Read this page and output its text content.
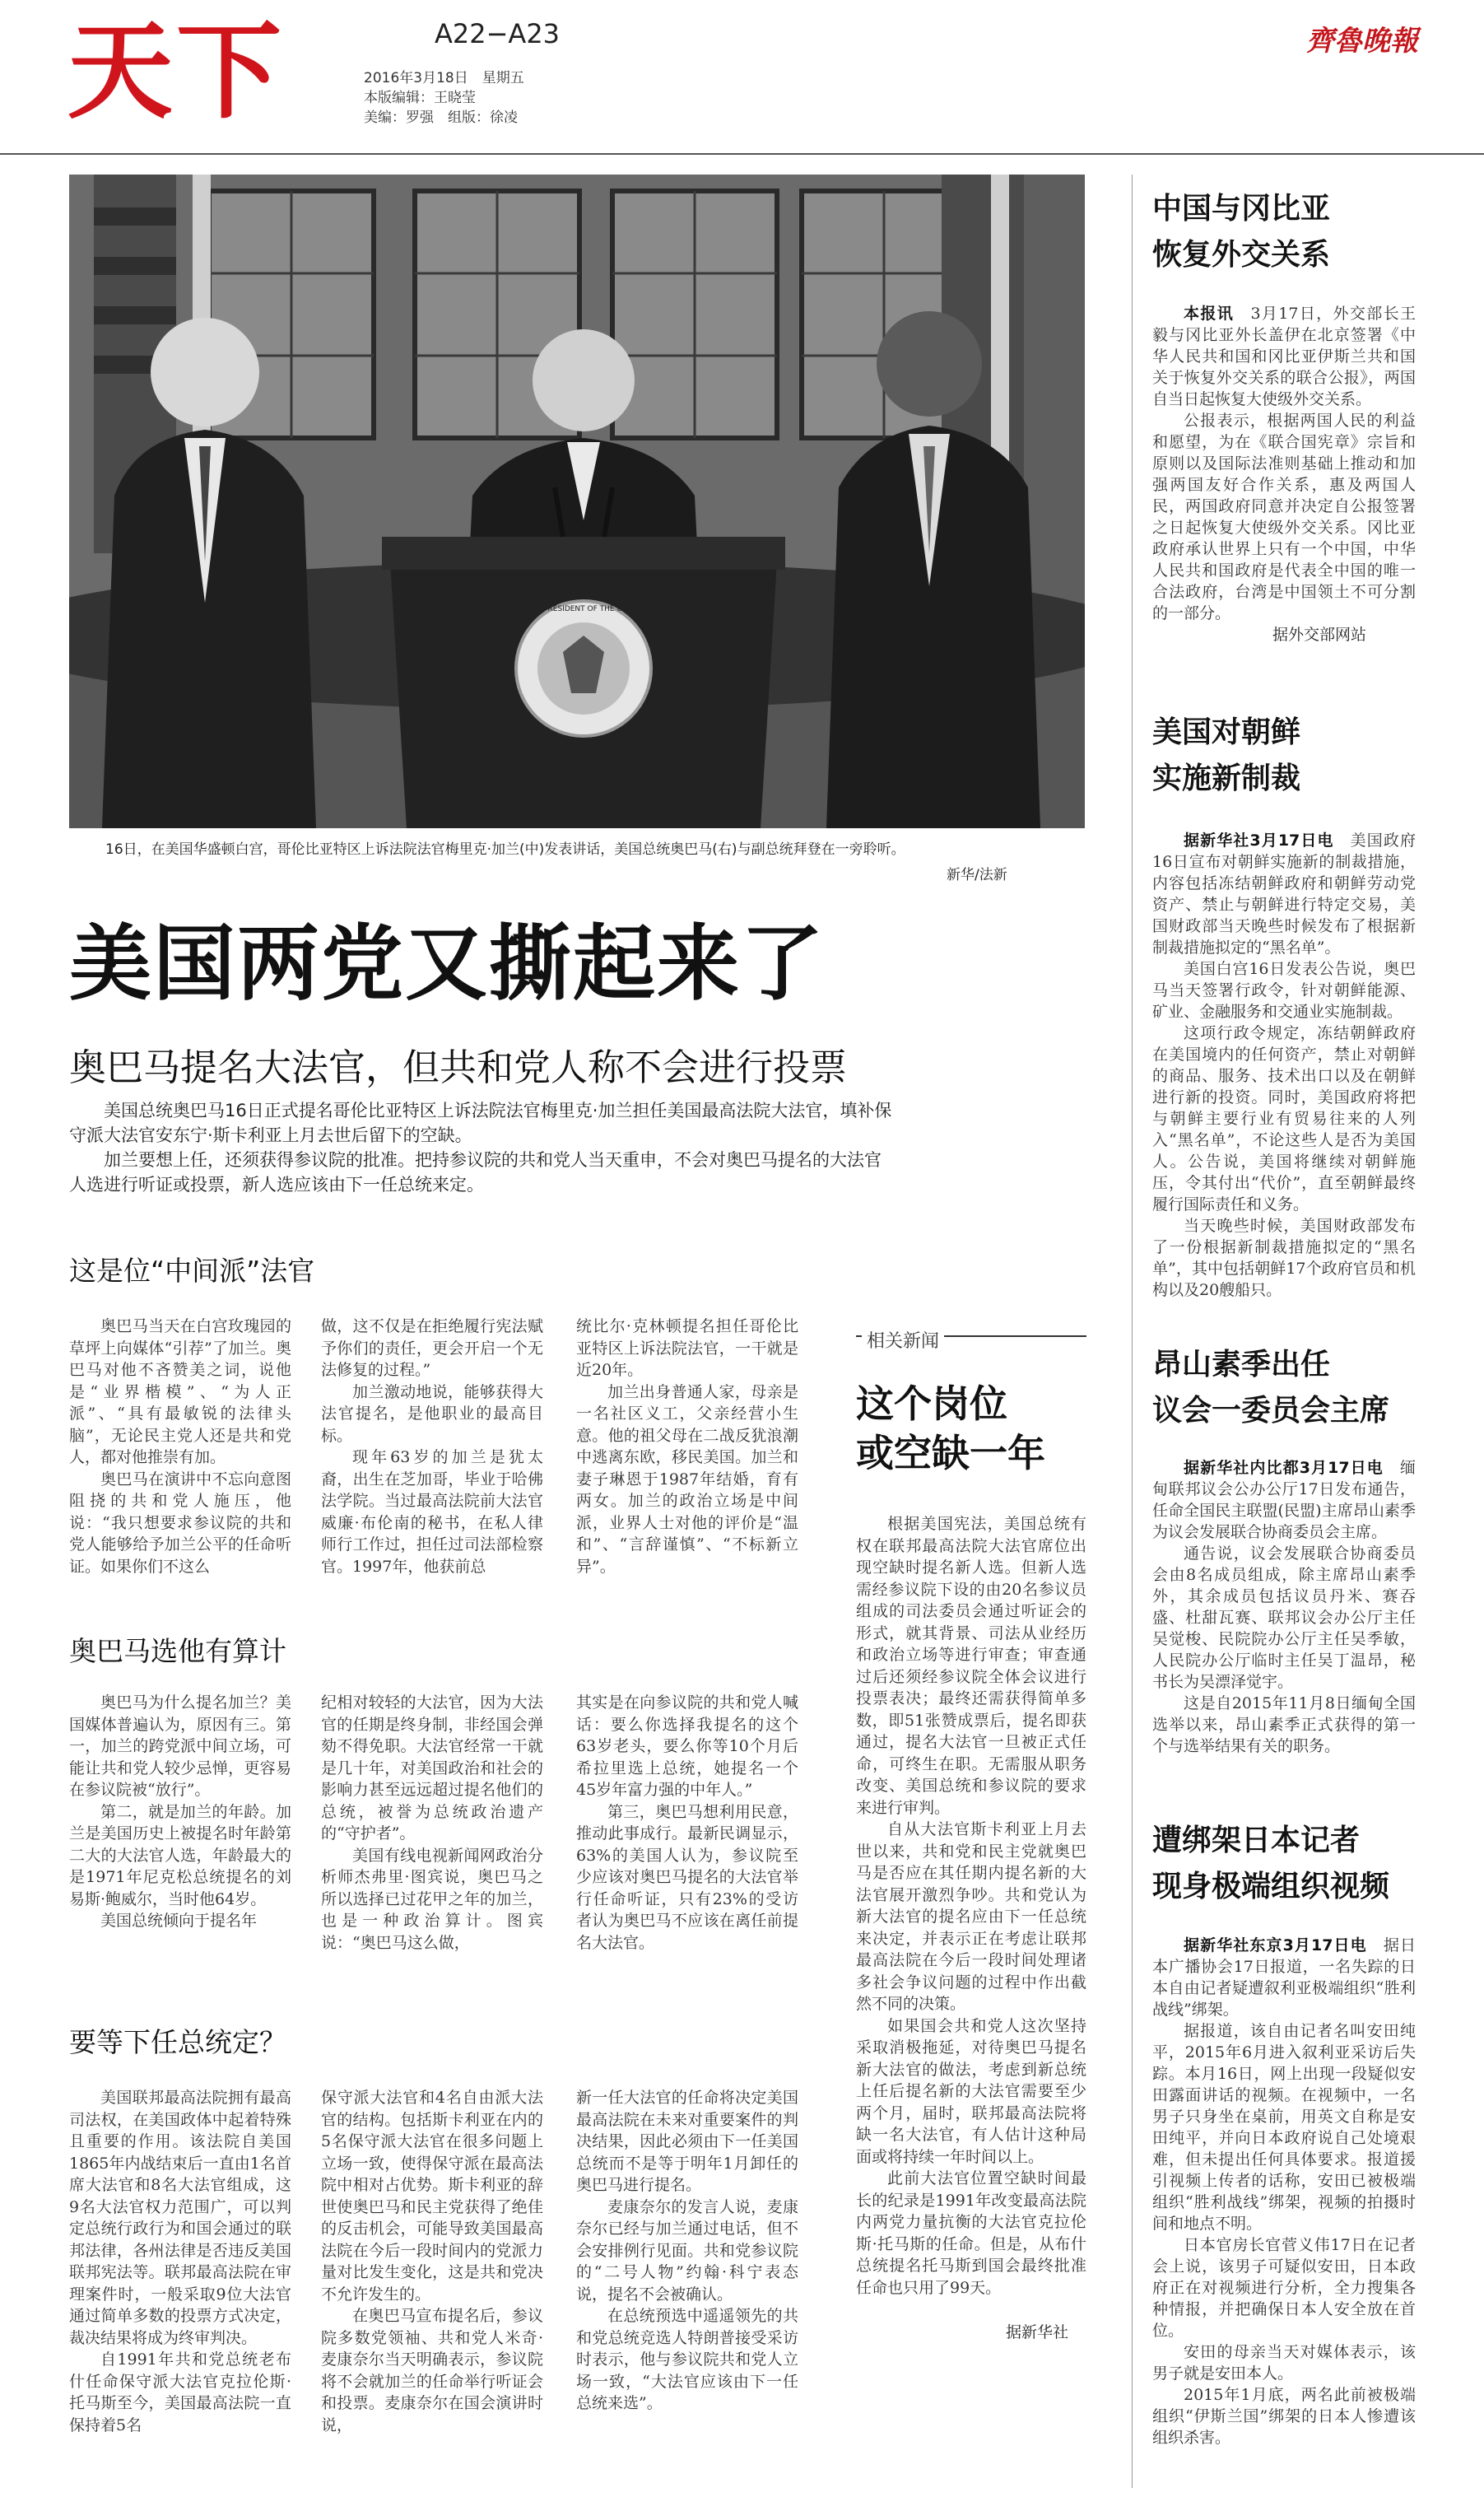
天下	A22−A23
2016年3月18日　星期五
本版编辑：王晓莹
美编：罗强　组版：徐凌
齊魯晚報
SEAL OF THE PRESIDENT OF THE UNITED STATES
16日，在美国华盛顿白宫，哥伦比亚特区上诉法院法官梅里克·加兰(中)发表讲话，美国总统奥巴马(右)与副总统拜登在一旁聆听。
新华/法新
美国两党又撕起来了
奥巴马提名大法官，但共和党人称不会进行投票
美国总统奥巴马16日正式提名哥伦比亚特区上诉法院法官梅里克·加兰担任美国最高法院大法官，填补保守派大法官安东宁·斯卡利亚上月去世后留下的空缺。
加兰要想上任，还须获得参议院的批准。把持参议院的共和党人当天重申，不会对奥巴马提名的大法官人选进行听证或投票，新人选应该由下一任总统来定。
这是位“中间派”法官

奥巴马当天在白宫玫瑰园的草坪上向媒体“引荐”了加兰。奥巴马对他不吝赞美之词，说他是“业界楷模”、“为人正派”、“具有最敏锐的法律头脑”，无论民主党人还是共和党人，都对他推崇有加。

奥巴马在演讲中不忘向意图阻挠的共和党人施压，他说：“我只想要求参议院的共和党人能够给予加兰公平的任命听证。如果你们不这么

做，这不仅是在拒绝履行宪法赋予你们的责任，更会开启一个无法修复的过程。”

加兰激动地说，能够获得大法官提名，是他职业的最高目标。

现年63岁的加兰是犹太裔，出生在芝加哥，毕业于哈佛法学院。当过最高法院前大法官威廉·布伦南的秘书，在私人律师行工作过，担任过司法部检察官。1997年，他获前总

统比尔·克林顿提名担任哥伦比亚特区上诉法院法官，一干就是近20年。

加兰出身普通人家，母亲是一名社区义工，父亲经营小生意。他的祖父母在二战反犹浪潮中逃离东欧，移民美国。加兰和妻子琳恩于1987年结婚，育有两女。加兰的政治立场是中间派，业界人士对他的评价是“温和”、“言辞谨慎”、“不标新立异”。

奥巴马选他有算计

奥巴马为什么提名加兰？美国媒体普遍认为，原因有三。第一，加兰的跨党派中间立场，可能让共和党人较少忌惮，更容易在参议院被“放行”。

第二，就是加兰的年龄。加兰是美国历史上被提名时年龄第二大的大法官人选，年龄最大的是1971年尼克松总统提名的刘易斯·鲍威尔，当时他64岁。

美国总统倾向于提名年

纪相对较轻的大法官，因为大法官的任期是终身制，非经国会弹劾不得免职。大法官经常一干就是几十年，对美国政治和社会的影响力甚至远远超过提名他们的总统，被誉为总统政治遗产的“守护者”。

美国有线电视新闻网政治分析师杰弗里·图宾说，奥巴马之所以选择已过花甲之年的加兰，也是一种政治算计。图宾说：“奥巴马这么做，

其实是在向参议院的共和党人喊话：要么你选择我提名的这个63岁老头，要么你等10个月后希拉里选上总统，她提名一个45岁年富力强的中年人。”

第三，奥巴马想利用民意，推动此事成行。最新民调显示，63%的美国人认为，参议院至少应该对奥巴马提名的大法官举行任命听证，只有23%的受访者认为奥巴马不应该在离任前提名大法官。

要等下任总统定？

美国联邦最高法院拥有最高司法权，在美国政体中起着特殊且重要的作用。该法院自美国1865年内战结束后一直由1名首席大法官和8名大法官组成，这9名大法官权力范围广，可以判定总统行政行为和国会通过的联邦法律，各州法律是否违反美国联邦宪法等。联邦最高法院在审理案件时，一般采取9位大法官通过简单多数的投票方式决定，裁决结果将成为终审判决。

自1991年共和党总统老布什任命保守派大法官克拉伦斯·托马斯至今，美国最高法院一直保持着5名

保守派大法官和4名自由派大法官的结构。包括斯卡利亚在内的5名保守派大法官在很多问题上立场一致，使得保守派在最高法院中相对占优势。斯卡利亚的辞世使奥巴马和民主党获得了绝佳的反击机会，可能导致美国最高法院在今后一段时间内的党派力量对比发生变化，这是共和党决不允许发生的。

在奥巴马宣布提名后，参议院多数党领袖、共和党人米奇·麦康奈尔当天明确表示，参议院将不会就加兰的任命举行听证会和投票。麦康奈尔在国会演讲时说，

新一任大法官的任命将决定美国最高法院在未来对重要案件的判决结果，因此必须由下一任美国总统而不是等于明年1月卸任的奥巴马进行提名。

麦康奈尔的发言人说，麦康奈尔已经与加兰通过电话，但不会安排例行见面。共和党参议院的“二号人物”约翰·科宁表态说，提名不会被确认。

在总统预选中遥遥领先的共和党总统竞选人特朗普接受采访时表示，他与参议院共和党人立场一致，“大法官应该由下一任总统来选”。

相关新闻
这个岗位
或空缺一年

根据美国宪法，美国总统有权在联邦最高法院大法官席位出现空缺时提名新人选。但新人选需经参议院下设的由20名参议员组成的司法委员会通过听证会的形式，就其背景、司法从业经历和政治立场等进行审查；审查通过后还须经参议院全体会议进行投票表决；最终还需获得简单多数，即51张赞成票后，提名即获通过，提名大法官一旦被正式任命，可终生在职。无需服从职务改变、美国总统和参议院的要求来进行审判。

自从大法官斯卡利亚上月去世以来，共和党和民主党就奥巴马是否应在其任期内提名新的大法官展开激烈争吵。共和党认为新大法官的提名应由下一任总统来决定，并表示正在考虑让联邦最高法院在今后一段时间处理诸多社会争议问题的过程中作出截然不同的决策。

如果国会共和党人这次坚持采取消极拖延，对待奥巴马提名新大法官的做法，考虑到新总统上任后提名新的大法官需要至少两个月，届时，联邦最高法院将缺一名大法官，有人估计这种局面或将持续一年时间以上。

此前大法官位置空缺时间最长的纪录是1991年改变最高法院内两党力量抗衡的大法官克拉伦斯·托马斯的任命。但是，从布什总统提名托马斯到国会最终批准任命也只用了99天。

据新华社
中国与冈比亚
恢复外交关系

本报讯　 3月17日，外交部长王毅与冈比亚外长盖伊在北京签署《中华人民共和国和冈比亚伊斯兰共和国关于恢复外交关系的联合公报》，两国自当日起恢复大使级外交关系。

公报表示，根据两国人民的利益和愿望，为在《联合国宪章》宗旨和原则以及国际法准则基础上推动和加强两国友好合作关系，惠及两国人民，两国政府同意并决定自公报签署之日起恢复大使级外交关系。冈比亚政府承认世界上只有一个中国，中华人民共和国政府是代表全中国的唯一合法政府，台湾是中国领土不可分割的一部分。

据外交部网站
美国对朝鲜
实施新制裁

据新华社3月17日电　 美国政府16日宣布对朝鲜实施新的制裁措施，内容包括冻结朝鲜政府和朝鲜劳动党资产、禁止与朝鲜进行特定交易，美国财政部当天晚些时候发布了根据新制裁措施拟定的“黑名单”。

美国白宫16日发表公告说，奥巴马当天签署行政令，针对朝鲜能源、矿业、金融服务和交通业实施制裁。

这项行政令规定，冻结朝鲜政府在美国境内的任何资产，禁止对朝鲜的商品、服务、技术出口以及在朝鲜进行新的投资。同时，美国政府将把与朝鲜主要行业有贸易往来的人列入“黑名单”，不论这些人是否为美国人。公告说，美国将继续对朝鲜施压，令其付出“代价”，直至朝鲜最终履行国际责任和义务。

当天晚些时候，美国财政部发布了一份根据新制裁措施拟定的“黑名单”，其中包括朝鲜17个政府官员和机构以及20艘船只。

昂山素季出任
议会一委员会主席

据新华社内比都3月17日电　 缅甸联邦议会公办公厅17日发布通告，任命全国民主联盟(民盟)主席昂山素季为议会发展联合协商委员会主席。

通告说，议会发展联合协商委员会由8名成员组成，除主席昂山素季外，其余成员包括议员丹米、赛吞盛、杜甜瓦赛、联邦议会办公厅主任吴觉梭、民院院办公厅主任吴季敏，人民院办公厅临时主任吴丁温昂，秘书长为吴漂泽觉宇。

这是自2015年11月8日缅甸全国选举以来，昂山素季正式获得的第一个与选举结果有关的职务。

遭绑架日本记者
现身极端组织视频

据新华社东京3月17日电　 据日本广播协会17日报道，一名失踪的日本自由记者疑遭叙利亚极端组织“胜利战线”绑架。

据报道，该自由记者名叫安田纯平，2015年6月进入叙利亚采访后失踪。本月16日，网上出现一段疑似安田露面讲话的视频。在视频中，一名男子只身坐在桌前，用英文自称是安田纯平，并向日本政府说自己处境艰难，但未提出任何具体要求。报道援引视频上传者的话称，安田已被极端组织“胜利战线”绑架，视频的拍摄时间和地点不明。

日本官房长官菅义伟17日在记者会上说，该男子可疑似安田，日本政府正在对视频进行分析，全力搜集各种情报，并把确保日本人安全放在首位。

安田的母亲当天对媒体表示，该男子就是安田本人。

2015年1月底，两名此前被极端组织“伊斯兰国”绑架的日本人惨遭该组织杀害。
